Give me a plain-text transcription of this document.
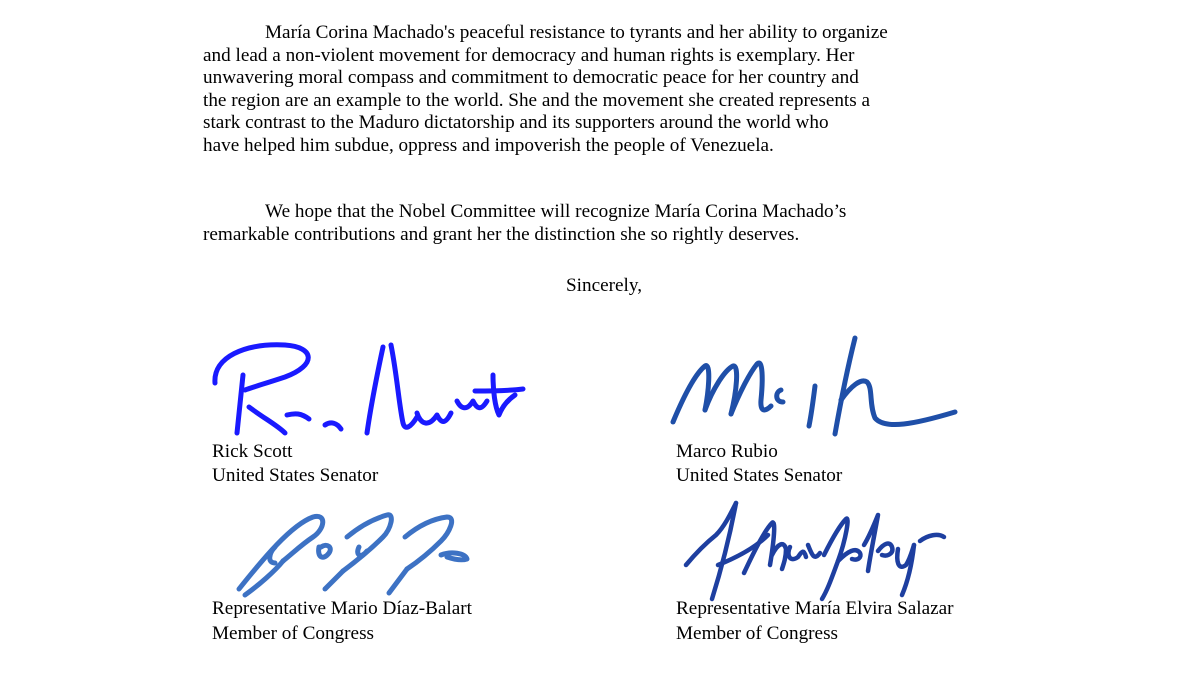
María Corina Machado's peaceful resistance to tyrants and her ability to organize
and lead a non-violent movement for democracy and human rights is exemplary. Her
unwavering moral compass and commitment to democratic peace for her country and
the region are an example to the world. She and the movement she created represents a
stark contrast to the Maduro dictatorship and its supporters around the world who
have helped him subdue, oppress and impoverish the people of Venezuela.

We hope that the Nobel Committee will recognize María Corina Machado’s
remarkable contributions and grant her the distinction she so rightly deserves.

Sincerely,
Rick Scott
United States Senator
Marco Rubio
United States Senator
Representative Mario Díaz-Balart
Member of Congress
Representative María Elvira Salazar
Member of Congress
